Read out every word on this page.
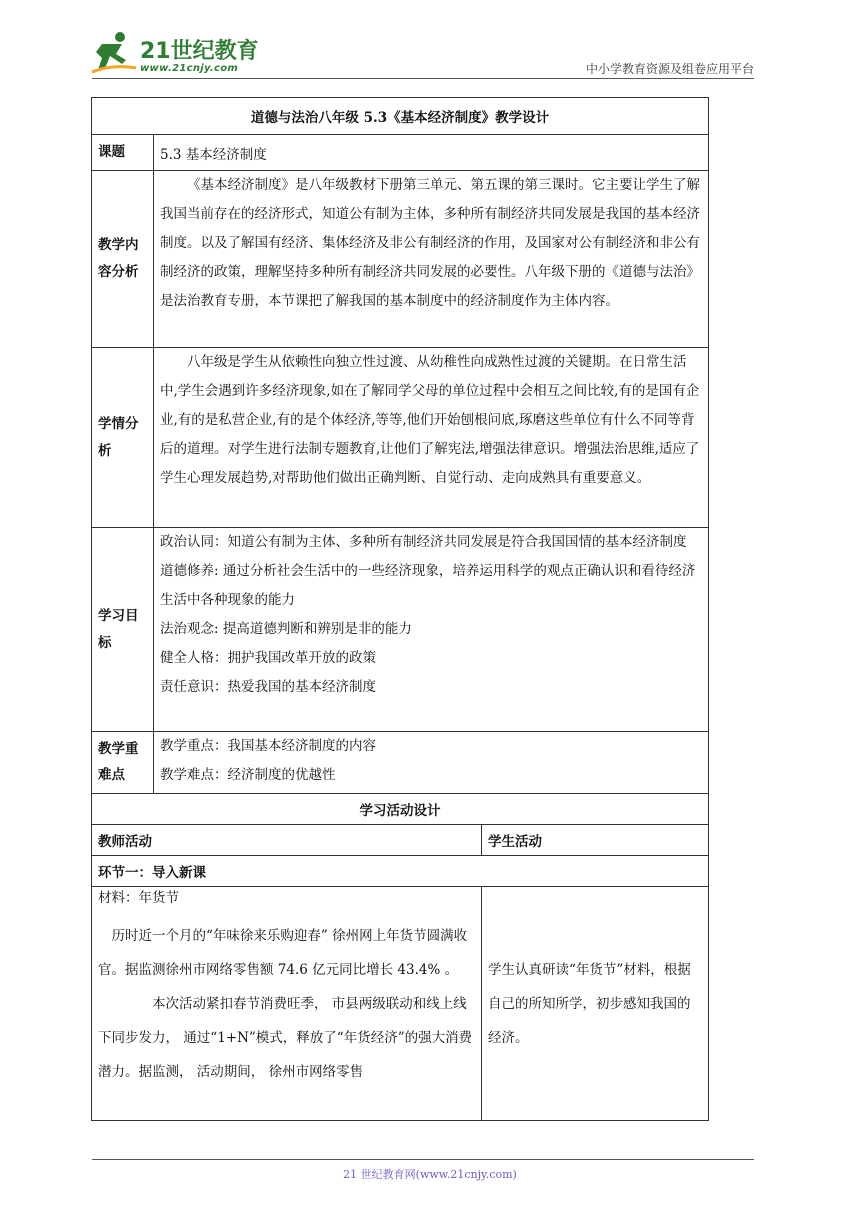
21世纪教育
www.21cnjy.com	中小学教育资源及组卷应用平台
道德与法治八年级 5.3《基本经济制度》教学设计		
课题	5.3 基本经济制度	
教学内容分析	《基本经济制度》是八年级教材下册第三单元、第五课的第三课时。它主要让学生了解我国当前存在的经济形式，知道公有制为主体，多种所有制经济共同发展是我国的基本经济制度。以及了解国有经济、集体经济及非公有制经济的作用，及国家对公有制经济和非公有制经济的政策，理解坚持多种所有制经济共同发展的必要性。八年级下册的《道德与法治》是法治教育专册，本节课把了解我国的基本制度中的经济制度作为主体内容。	

学情分析	八年级是学生从依赖性向独立性过渡、从幼稚性向成熟性过渡的关键期。在日常生活中,学生会遇到许多经济现象,如在了解同学父母的单位过程中会相互之间比较,有的是国有企业,有的是私营企业,有的是个体经济,等等,他们开始刨根问底,琢磨这些单位有什么不同等背后的道理。对学生进行法制专题教育,让他们了解宪法,增强法律意识。增强法治思维,适应了学生心理发展趋势,对帮助他们做出正确判断、自觉行动、走向成熟具有重要意义。	

学习目标	政治认同：知道公有制为主体、多种所有制经济共同发展是符合我国国情的基本经济制度

道德修养: 通过分析社会生活中的一些经济现象，培养运用科学的观点正确认识和看待经济生活中各种现象的能力

法治观念: 提高道德判断和辨别是非的能力

健全人格：拥护我国改革开放的政策

责任意识：热爱我国的基本经济制度	

教学重难点	教学重点：我国基本经济制度的内容

教学难点：经济制度的优越性	

学习活动设计		
教师活动		学生活动
环节一：导入新课		

材料：年货节

历时近一个月的“年味徐来乐购迎春” 徐州网上年货节圆满收官。据监测徐州市网络零售额 74.6 亿元同比增长 43.4% 。

本次活动紧扣春节消费旺季， 市县两级联动和线上线下同步发力， 通过“1+N”模式，释放了“年货经济”的强大消费潜力。据监测， 活动期间， 徐州市网络零售		学生认真研读“年货节”材料，根据自己的所知所学，初步感知我国的经济。

21 世纪教育网(www.21cnjy.com)
